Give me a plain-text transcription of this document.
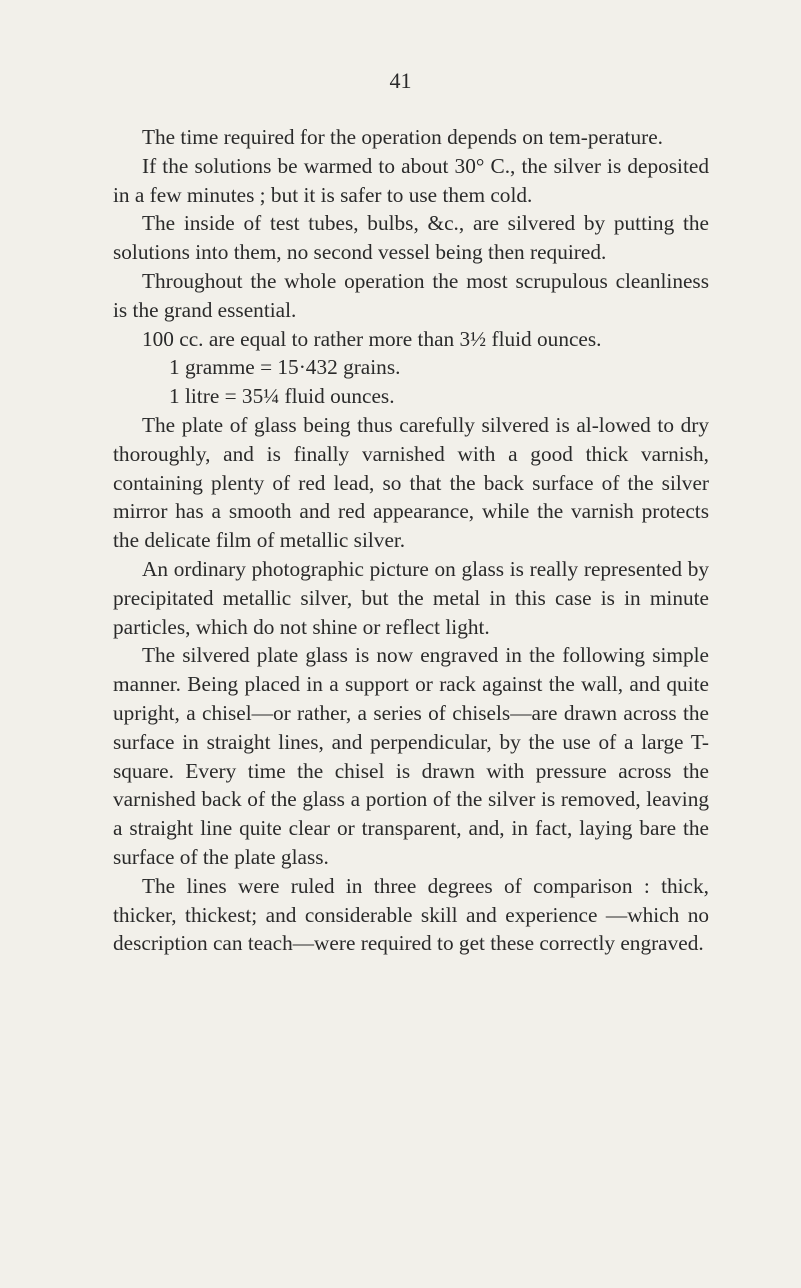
41

The time required for the operation depends on tem-perature.

If the solutions be warmed to about 30° C., the silver is deposited in a few minutes ; but it is safer to use them cold.

The inside of test tubes, bulbs, &c., are silvered by putting the solutions into them, no second vessel being then required.

Throughout the whole operation the most scrupulous cleanliness is the grand essential.

100 cc. are equal to rather more than 3½ fluid ounces.

1 gramme = 15·432 grains.

1 litre = 35¼ fluid ounces.

The plate of glass being thus carefully silvered is al-lowed to dry thoroughly, and is finally varnished with a good thick varnish, containing plenty of red lead, so that the back surface of the silver mirror has a smooth and red appearance, while the varnish protects the delicate film of metallic silver.

An ordinary photographic picture on glass is really represented by precipitated metallic silver, but the metal in this case is in minute particles, which do not shine or reflect light.

The silvered plate glass is now engraved in the following simple manner. Being placed in a support or rack against the wall, and quite upright, a chisel—or rather, a series of chisels—are drawn across the surface in straight lines, and perpendicular, by the use of a large T-square. Every time the chisel is drawn with pressure across the varnished back of the glass a portion of the silver is removed, leaving a straight line quite clear or transparent, and, in fact, laying bare the surface of the plate glass.

The lines were ruled in three degrees of comparison : thick, thicker, thickest; and considerable skill and experience —which no description can teach—were required to get these correctly engraved.
